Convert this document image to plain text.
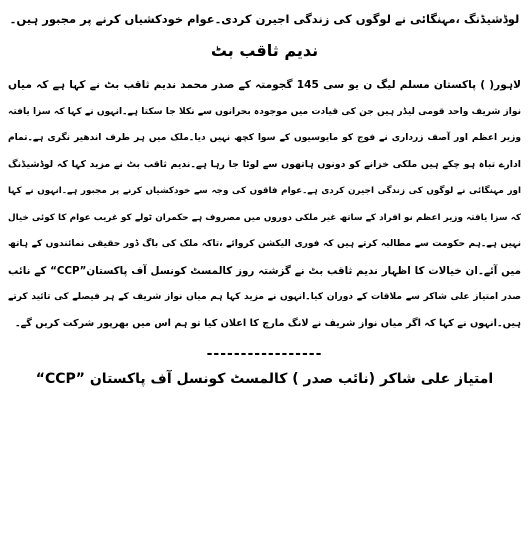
لوڈشیڈنگ ،مہنگائی نے لوگوں کی زندگی اجیرن کردی۔عوام خودکشیاں کرنے پر مجبور ہیں۔
ندیم ثاقب بٹ
لاہور( ) پاکستان مسلم لیگ ن یو سی 145 گجومتہ کے صدر محمد ندیم ثاقب بٹ نے کہا ہے کہ میاں
نواز شریف واحد قومی لیڈر ہیں جن کی قیادت میں موجودہ بحرانوں سے نکلا جا سکتا ہے۔انہوں نے کہا کہ سزا یافتہ
وزیر اعظم اور آصف زرداری نے فوج کو مایوسیوں کے سوا کچھ نہیں دیا۔ملک میں ہر طرف اندھیر نگری ہے۔تمام
ادارے تباہ ہو چکے ہیں ملکی خزانے کو دونوں ہاتھوں سے لوٹا جا رہا ہے۔ندیم ثاقب بٹ نے مزید کہا کہ لوڈشیڈنگ
اور مہنگائی نے لوگوں کی زندگی اجیرن کردی ہے۔عوام فاقوں کی وجہ سے خودکشیاں کرنے پر مجبور ہے۔انہوں نے کہا
کہ سزا یافتہ وزیر اعظم نو افراد کے ساتھ غیر ملکی دوروں میں مصروف ہے حکمران ٹولے کو غریب عوام کا کوئی خیال
نہیں ہے۔ہم حکومت سے مطالبہ کرتے ہیں کہ فوری الیکشن کروائے ،تاکہ ملک کی باگ ڈور حقیقی نمائندوں کے ہاتھ
میں آئے۔ان خیالات کا اظہار ندیم ثاقب بٹ نے گزشتہ روز کالمسٹ کونسل آف پاکستان”CCP“ کے نائب
صدر امتیاز علی شاکر سے ملاقات کے دوران کیا۔انہوں نے مزید کہا ہم میاں نواز شریف کے ہر فیصلے کی تائید کرتے
ہیں۔انہوں نے کہا کہ اگر میاں نواز شریف نے لانگ مارچ کا اعلان کیا تو ہم اس میں بھرپور شرکت کریں گے۔
-----------------
امتیاز علی شاکر (نائب صدر ) کالمسٹ کونسل آف پاکستان ”CCP“
